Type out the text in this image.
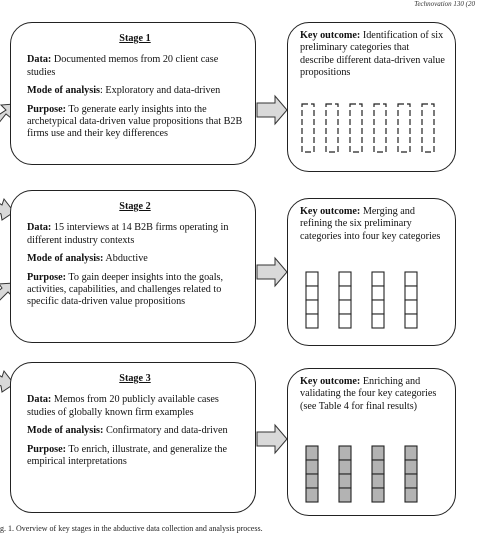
Technovation 130 (20
Stage 1

Data: Documented memos from 20 client case studies

Mode of analysis: Exploratory and data-driven

Purpose: To generate early insights into the archetypical data-driven value propositions that B2B firms use and their key differences

Stage 2

Data: 15 interviews at 14 B2B firms operating in different industry contexts

Mode of analysis: Abductive

Purpose: To gain deeper insights into the goals, activities, capabilities, and challenges related to specific data-driven value propositions

Stage 3

Data: Memos from 20 publicly available cases studies of globally known firm examples

Mode of analysis: Confirmatory and data-driven

Purpose: To enrich, illustrate, and generalize the empirical interpretations

Key outcome: Identification of six preliminary categories that describe different data-driven value propositions
Key outcome: Merging and refining the six preliminary categories into four key categories
Key outcome: Enriching and validating the four key categories (see Table 4 for final results)
g. 1. Overview of key stages in the abductive data collection and analysis process.
